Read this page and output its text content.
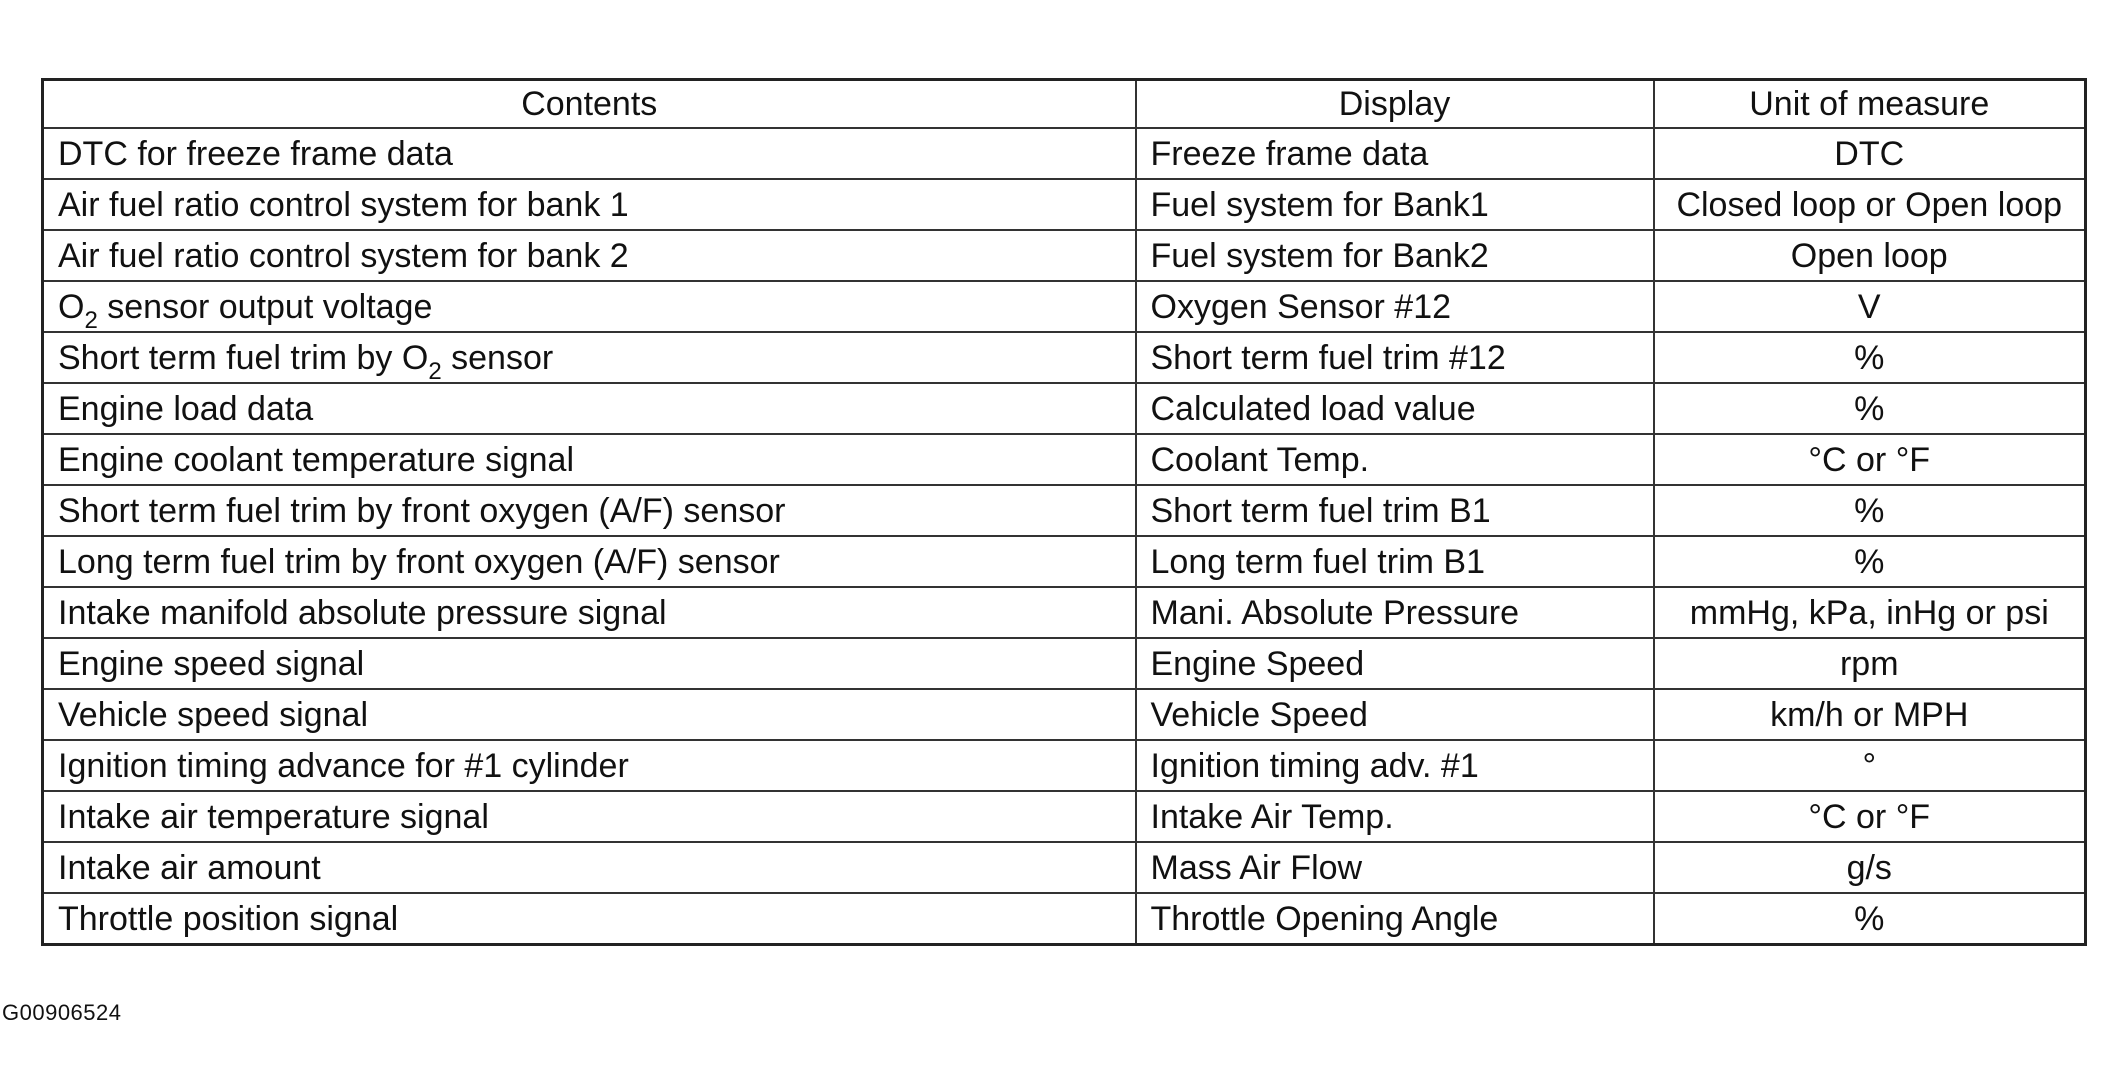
Contents	Display	Unit of measure
DTC for freeze frame data	Freeze frame data	DTC
Air fuel ratio control system for bank 1	Fuel system for Bank1	Closed loop or Open loop
Air fuel ratio control system for bank 2	Fuel system for Bank2	Open loop
$O_2$ sensor output voltage	Oxygen Sensor #12	V
Short term fuel trim by $O_2$ sensor	Short term fuel trim #12	%
Engine load data	Calculated load value	%
Engine coolant temperature signal	Coolant Temp.	°C or °F
Short term fuel trim by front oxygen (A/F) sensor	Short term fuel trim B1	%
Long term fuel trim by front oxygen (A/F) sensor	Long term fuel trim B1	%
Intake manifold absolute pressure signal	Mani. Absolute Pressure	mmHg, kPa, inHg or psi
Engine speed signal	Engine Speed	rpm
Vehicle speed signal	Vehicle Speed	km/h or MPH
Ignition timing advance for #1 cylinder	Ignition timing adv. #1	°
Intake air temperature signal	Intake Air Temp.	°C or °F
Intake air amount	Mass Air Flow	g/s
Throttle position signal	Throttle Opening Angle	%
G00906524
